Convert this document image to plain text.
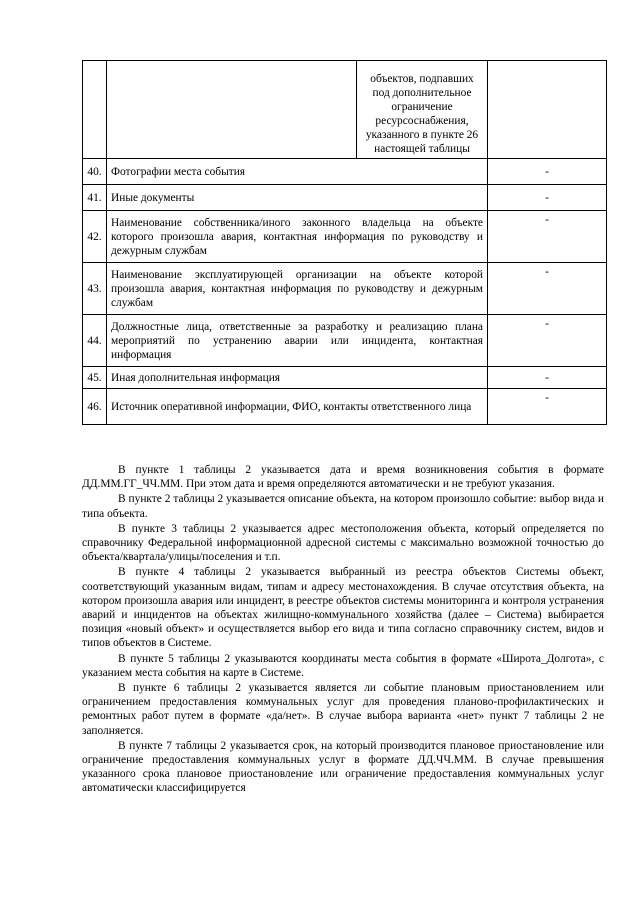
		объектов, подпавших под дополнительное ограничение ресурсоснабжения, указанного в пункте 26 настоящей таблицы	
40.	Фотографии места события		-
41.	Иные документы		-
42.	Наименование собственника/иного законного владельца на объекте которого произошла авария, контактная информация по руководству и дежурным службам		-
43.	Наименование эксплуатирующей организации на объекте которой произошла авария, контактная информация по руководству и дежурным службам		-
44.	Должностные лица, ответственные за разработку и реализацию плана мероприятий по устранению аварии или инцидента, контактная информация		-
45.	Иная дополнительная информация		-
46.	Источник оперативной информации, ФИО, контакты ответственного лица		-

В пункте 1 таблицы 2 указывается дата и время возникновения события в формате ДД.ММ.ГГ_ЧЧ.ММ. При этом дата и время определяются автоматически и не требуют указания.

В пункте 2 таблицы 2 указывается описание объекта, на котором произошло событие: выбор вида и типа объекта.

В пункте 3 таблицы 2 указывается адрес местоположения объекта, который определяется по справочнику Федеральной информационной адресной системы с максимально возможной точностью до объекта/квартала/улицы/поселения и т.п.

В пункте 4 таблицы 2 указывается выбранный из реестра объектов Системы объект, соответствующий указанным видам, типам и адресу местонахождения. В случае отсутствия объекта, на котором произошла авария или инцидент, в реестре объектов системы мониторинга и контроля устранения аварий и инцидентов на объектах жилищно-коммунального хозяйства (далее – Система) выбирается позиция «новый объект» и осуществляется выбор его вида и типа согласно справочнику систем, видов и типов объектов в Системе.

В пункте 5 таблицы 2 указываются координаты места события в формате «Широта_Долгота», с указанием места события на карте в Системе.

В пункте 6 таблицы 2 указывается является ли событие плановым приостановлением или ограничением предоставления коммунальных услуг для проведения планово-профилактических и ремонтных работ путем в формате «да/нет». В случае выбора варианта «нет» пункт 7 таблицы 2 не заполняется.

В пункте 7 таблицы 2 указывается срок, на который производится плановое приостановление или ограничение предоставления коммунальных услуг в формате ДД.ЧЧ.ММ. В случае превышения указанного срока плановое приостановление или ограничение предоставления коммунальных услуг автоматически классифицируется
